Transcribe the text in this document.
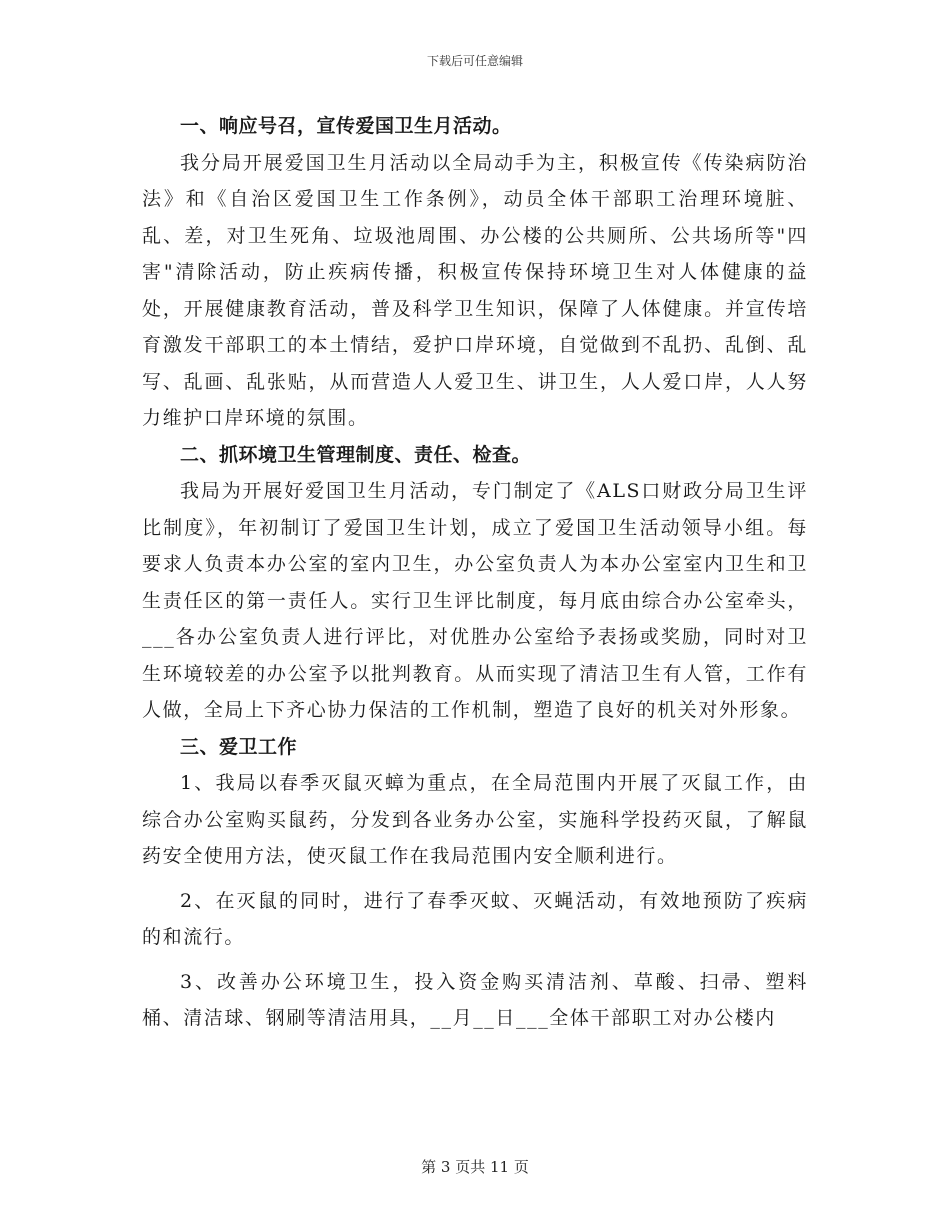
下载后可任意编辑

一、响应号召，宣传爱国卫生月活动。

我分局开展爱国卫生月活动以全局动手为主，积极宣传《传染病防治法》和《自治区爱国卫生工作条例》，动员全体干部职工治理环境脏、乱、差，对卫生死角、垃圾池周围、办公楼的公共厕所、公共场所等"四害"清除活动，防止疾病传播，积极宣传保持环境卫生对人体健康的益处，开展健康教育活动，普及科学卫生知识，保障了人体健康。并宣传培育激发干部职工的本土情结，爱护口岸环境，自觉做到不乱扔、乱倒、乱写、乱画、乱张贴，从而营造人人爱卫生、讲卫生，人人爱口岸，人人努力维护口岸环境的氛围。

二、抓环境卫生管理制度、责任、检查。

我局为开展好爱国卫生月活动，专门制定了《ALS口财政分局卫生评比制度》，年初制订了爱国卫生计划，成立了爱国卫生活动领导小组。每要求人负责本办公室的室内卫生，办公室负责人为本办公室室内卫生和卫生责任区的第一责任人。实行卫生评比制度，每月底由综合办公室牵头，___各办公室负责人进行评比，对优胜办公室给予表扬或奖励，同时对卫生环境较差的办公室予以批判教育。从而实现了清洁卫生有人管，工作有人做，全局上下齐心协力保洁的工作机制，塑造了良好的机关对外形象。

三、爱卫工作

1、我局以春季灭鼠灭蟑为重点，在全局范围内开展了灭鼠工作，由综合办公室购买鼠药，分发到各业务办公室，实施科学投药灭鼠，了解鼠药安全使用方法，使灭鼠工作在我局范围内安全顺利进行。

2、在灭鼠的同时，进行了春季灭蚊、灭蝇活动，有效地预防了疾病的和流行。

3、改善办公环境卫生，投入资金购买清洁剂、草酸、扫帚、塑料桶、清洁球、钢刷等清洁用具，__月__日___全体干部职工对办公楼内

第 3 页共 11 页
